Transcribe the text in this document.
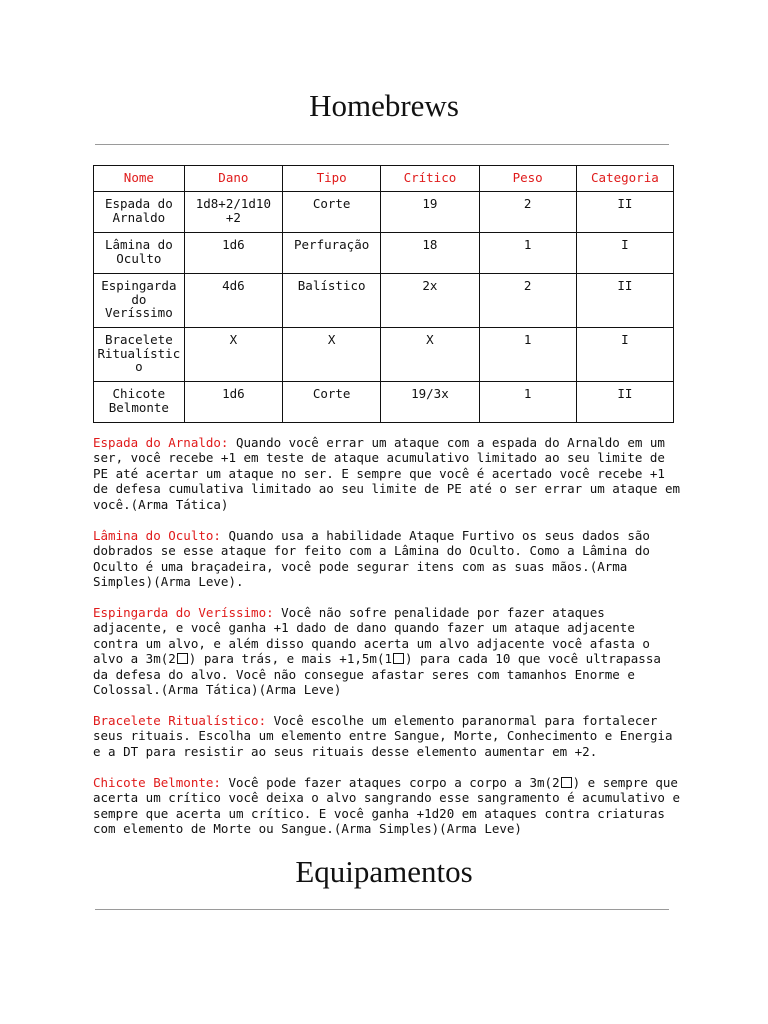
Homebrews
Nome	Dano	Tipo	Crítico	Peso	Categoria
Espada do Arnaldo	1d8+2/1d10 +2	Corte	19	2	II
Lâmina do Oculto	1d6	Perfuração	18	1	I
Espingarda do Veríssimo	4d6	Balístico	2x	2	II
Bracelete Ritualístico	X	X	X	1	I
Chicote Belmonte	1d6	Corte	19/3x	1	II

Espada do Arnaldo: Quando você errar um ataque com a espada do Arnaldo em um ser, você recebe +1 em teste de ataque acumulativo limitado ao seu limite de PE até acertar um ataque no ser. E sempre que você é acertado você recebe +1 de defesa cumulativa limitado ao seu limite de PE até o ser errar um ataque em você.(Arma Tática)

Lâmina do Oculto: Quando usa a habilidade Ataque Furtivo os seus dados são dobrados se esse ataque for feito com a Lâmina do Oculto. Como a Lâmina do Oculto é uma braçadeira, você pode segurar itens com as suas mãos.(Arma Simples)(Arma Leve).

Espingarda do Veríssimo: Você não sofre penalidade por fazer ataques adjacente, e você ganha +1 dado de dano quando fazer um ataque adjacente contra um alvo, e além disso quando acerta um alvo adjacente você afasta o alvo a 3m(2 ) para trás, e mais +1,5m(1 ) para cada 10 que você ultrapassa da defesa do alvo. Você não consegue afastar seres com tamanhos Enorme e Colossal.(Arma Tática)(Arma Leve)

Bracelete Ritualístico: Você escolhe um elemento paranormal para fortalecer seus rituais. Escolha um elemento entre Sangue, Morte, Conhecimento e Energia e a DT para resistir ao seus rituais desse elemento aumentar em +2.

Chicote Belmonte: Você pode fazer ataques corpo a corpo a 3m(2 ) e sempre que acerta um crítico você deixa o alvo sangrando esse sangramento é acumulativo e sempre que acerta um crítico. E você ganha +1d20 em ataques contra criaturas com elemento de Morte ou Sangue.(Arma Simples)(Arma Leve)

Equipamentos
